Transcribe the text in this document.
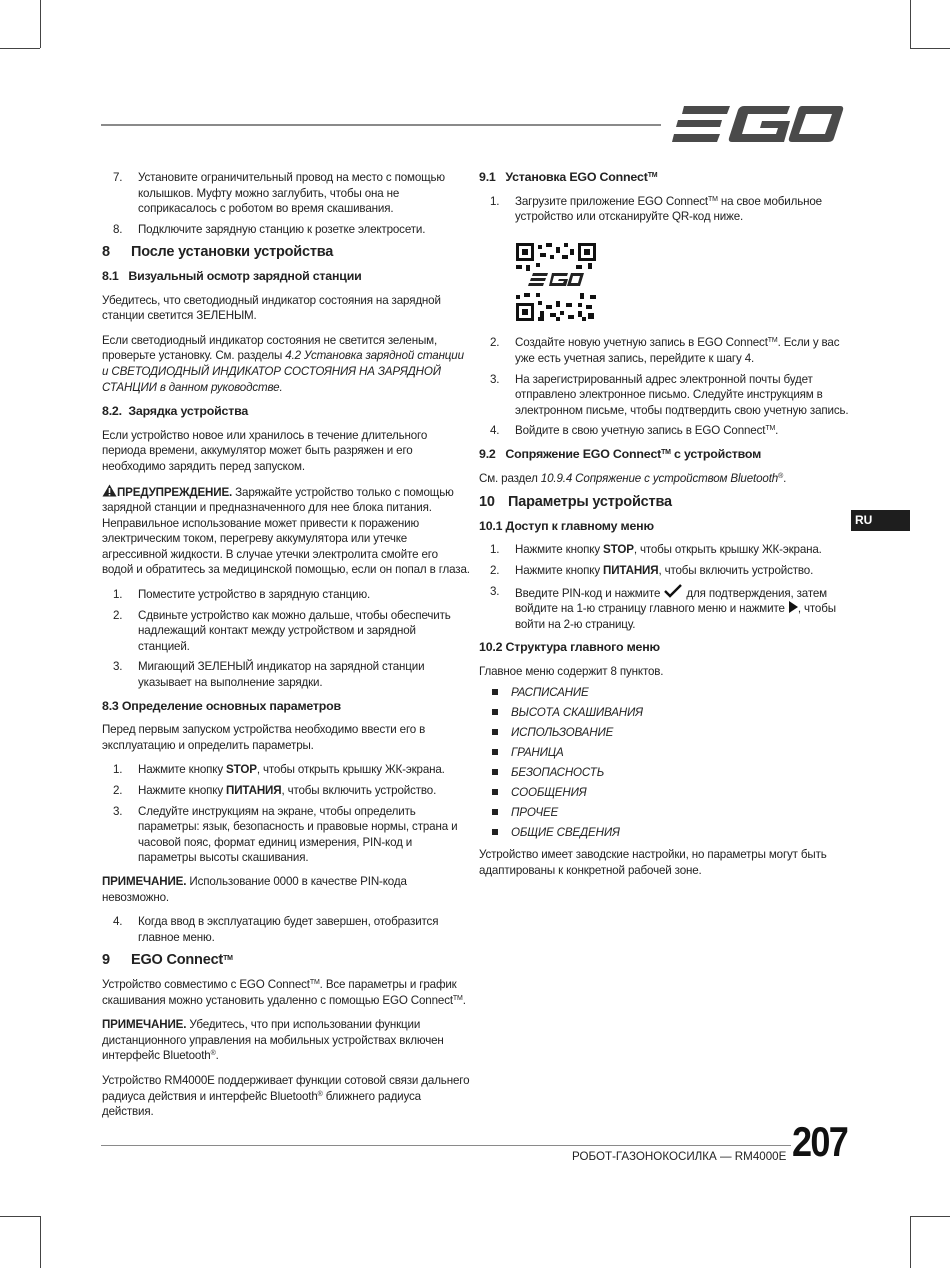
7.	Установите ограничительный провод на место с помощью колышков. Муфту можно заглубить, чтобы она не соприкасалось с роботом во время скашивания.
8.	Подключите зарядную станцию к розетке электросети.
8 После установки устройства
8.1   Визуальный осмотр зарядной станции

Убедитесь, что светодиодный индикатор состояния на зарядной станции светится ЗЕЛЕНЫМ.

Если светодиодный индикатор состояния не светится зеленым, проверьте установку. См. разделы 4.2 Установка зарядной станции и СВЕТОДИОДНЫЙ ИНДИКАТОР СОСТОЯНИЯ НА ЗАРЯДНОЙ СТАНЦИИ в данном руководстве.

8.2.  Зарядка устройства

Если устройство новое или хранилось в течение длительного периода времени, аккумулятор может быть разряжен и его необходимо зарядить перед запуском.

ПРЕДУПРЕЖДЕНИЕ. Заряжайте устройство только с помощью зарядной станции и предназначенного для нее блока питания. Неправильное использование может привести к поражению электрическим током, перегреву аккумулятора или утечке агрессивной жидкости. В случае утечки электролита смойте его водой и обратитесь за медицинской помощью, если он попал в глаза.

1.	Поместите устройство в зарядную станцию.
2.	Сдвиньте устройство как можно дальше, чтобы обеспечить надлежащий контакт между устройством и зарядной станцией.
3.	Мигающий ЗЕЛЕНЫЙ индикатор на зарядной станции указывает на выполнение зарядки.
8.3 Определение основных параметров

Перед первым запуском устройства необходимо ввести его в эксплуатацию и определить параметры.

1.	Нажмите кнопку STOP, чтобы открыть крышку ЖК-экрана.
2.	Нажмите кнопку ПИТАНИЯ, чтобы включить устройство.
3.	Следуйте инструкциям на экране, чтобы определить параметры: язык, безопасность и правовые нормы, страна и часовой пояс, формат единиц измерения, PIN-код и параметры высоты скашивания.

ПРИМЕЧАНИЕ. Использование 0000 в качестве PIN-кода невозможно.

4.	Когда ввод в эксплуатацию будет завершен, отобразится главное меню.
9 EGO Connect™

Устройство совместимо с EGO Connect™. Все параметры и график скашивания можно установить удаленно с помощью EGO Connect™.

ПРИМЕЧАНИЕ. Убедитесь, что при использовании функции дистанционного управления на мобильных устройствах включен интерфейс Bluetooth®.

Устройство RM4000E поддерживает функции сотовой связи дальнего радиуса действия и интерфейс Bluetooth® ближнего радиуса действия.

9.1   Установка EGO Connect™
1.	Загрузите приложение EGO Connect™ на свое мобильное устройство или отсканируйте QR-код ниже.
2.	Создайте новую учетную запись в EGO Connect™. Если у вас уже есть учетная запись, перейдите к шагу 4.
3.	На зарегистрированный адрес электронной почты будет отправлено электронное письмо. Следуйте инструкциям в электронном письме, чтобы подтвердить свою учетную запись.
4.	Войдите в свою учетную запись в EGO Connect™.
9.2   Сопряжение EGO Connect™ с устройством

См. раздел 10.9.4 Сопряжение с устройством Bluetooth®.

10 Параметры устройства
10.1 Доступ к главному меню
1.	Нажмите кнопку STOP, чтобы открыть крышку ЖК-экрана.
2.	Нажмите кнопку ПИТАНИЯ, чтобы включить устройство.
3.	Введите PIN-код и нажмите  для подтверждения, затем войдите на 1-ю страницу главного меню и нажмите , чтобы войти на 2-ю страницу.
10.2 Структура главного меню

Главное меню содержит 8 пунктов.

РАСПИСАНИЕ
ВЫСОТА СКАШИВАНИЯ
ИСПОЛЬЗОВАНИЕ
ГРАНИЦА
БЕЗОПАСНОСТЬ
СООБЩЕНИЯ
ПРОЧЕЕ
ОБЩИЕ СВЕДЕНИЯ

Устройство имеет заводские настройки, но параметры могут быть адаптированы к конкретной рабочей зоне.

RU
РОБОТ-ГАЗОНОКОСИЛКА — RM4000E 207
